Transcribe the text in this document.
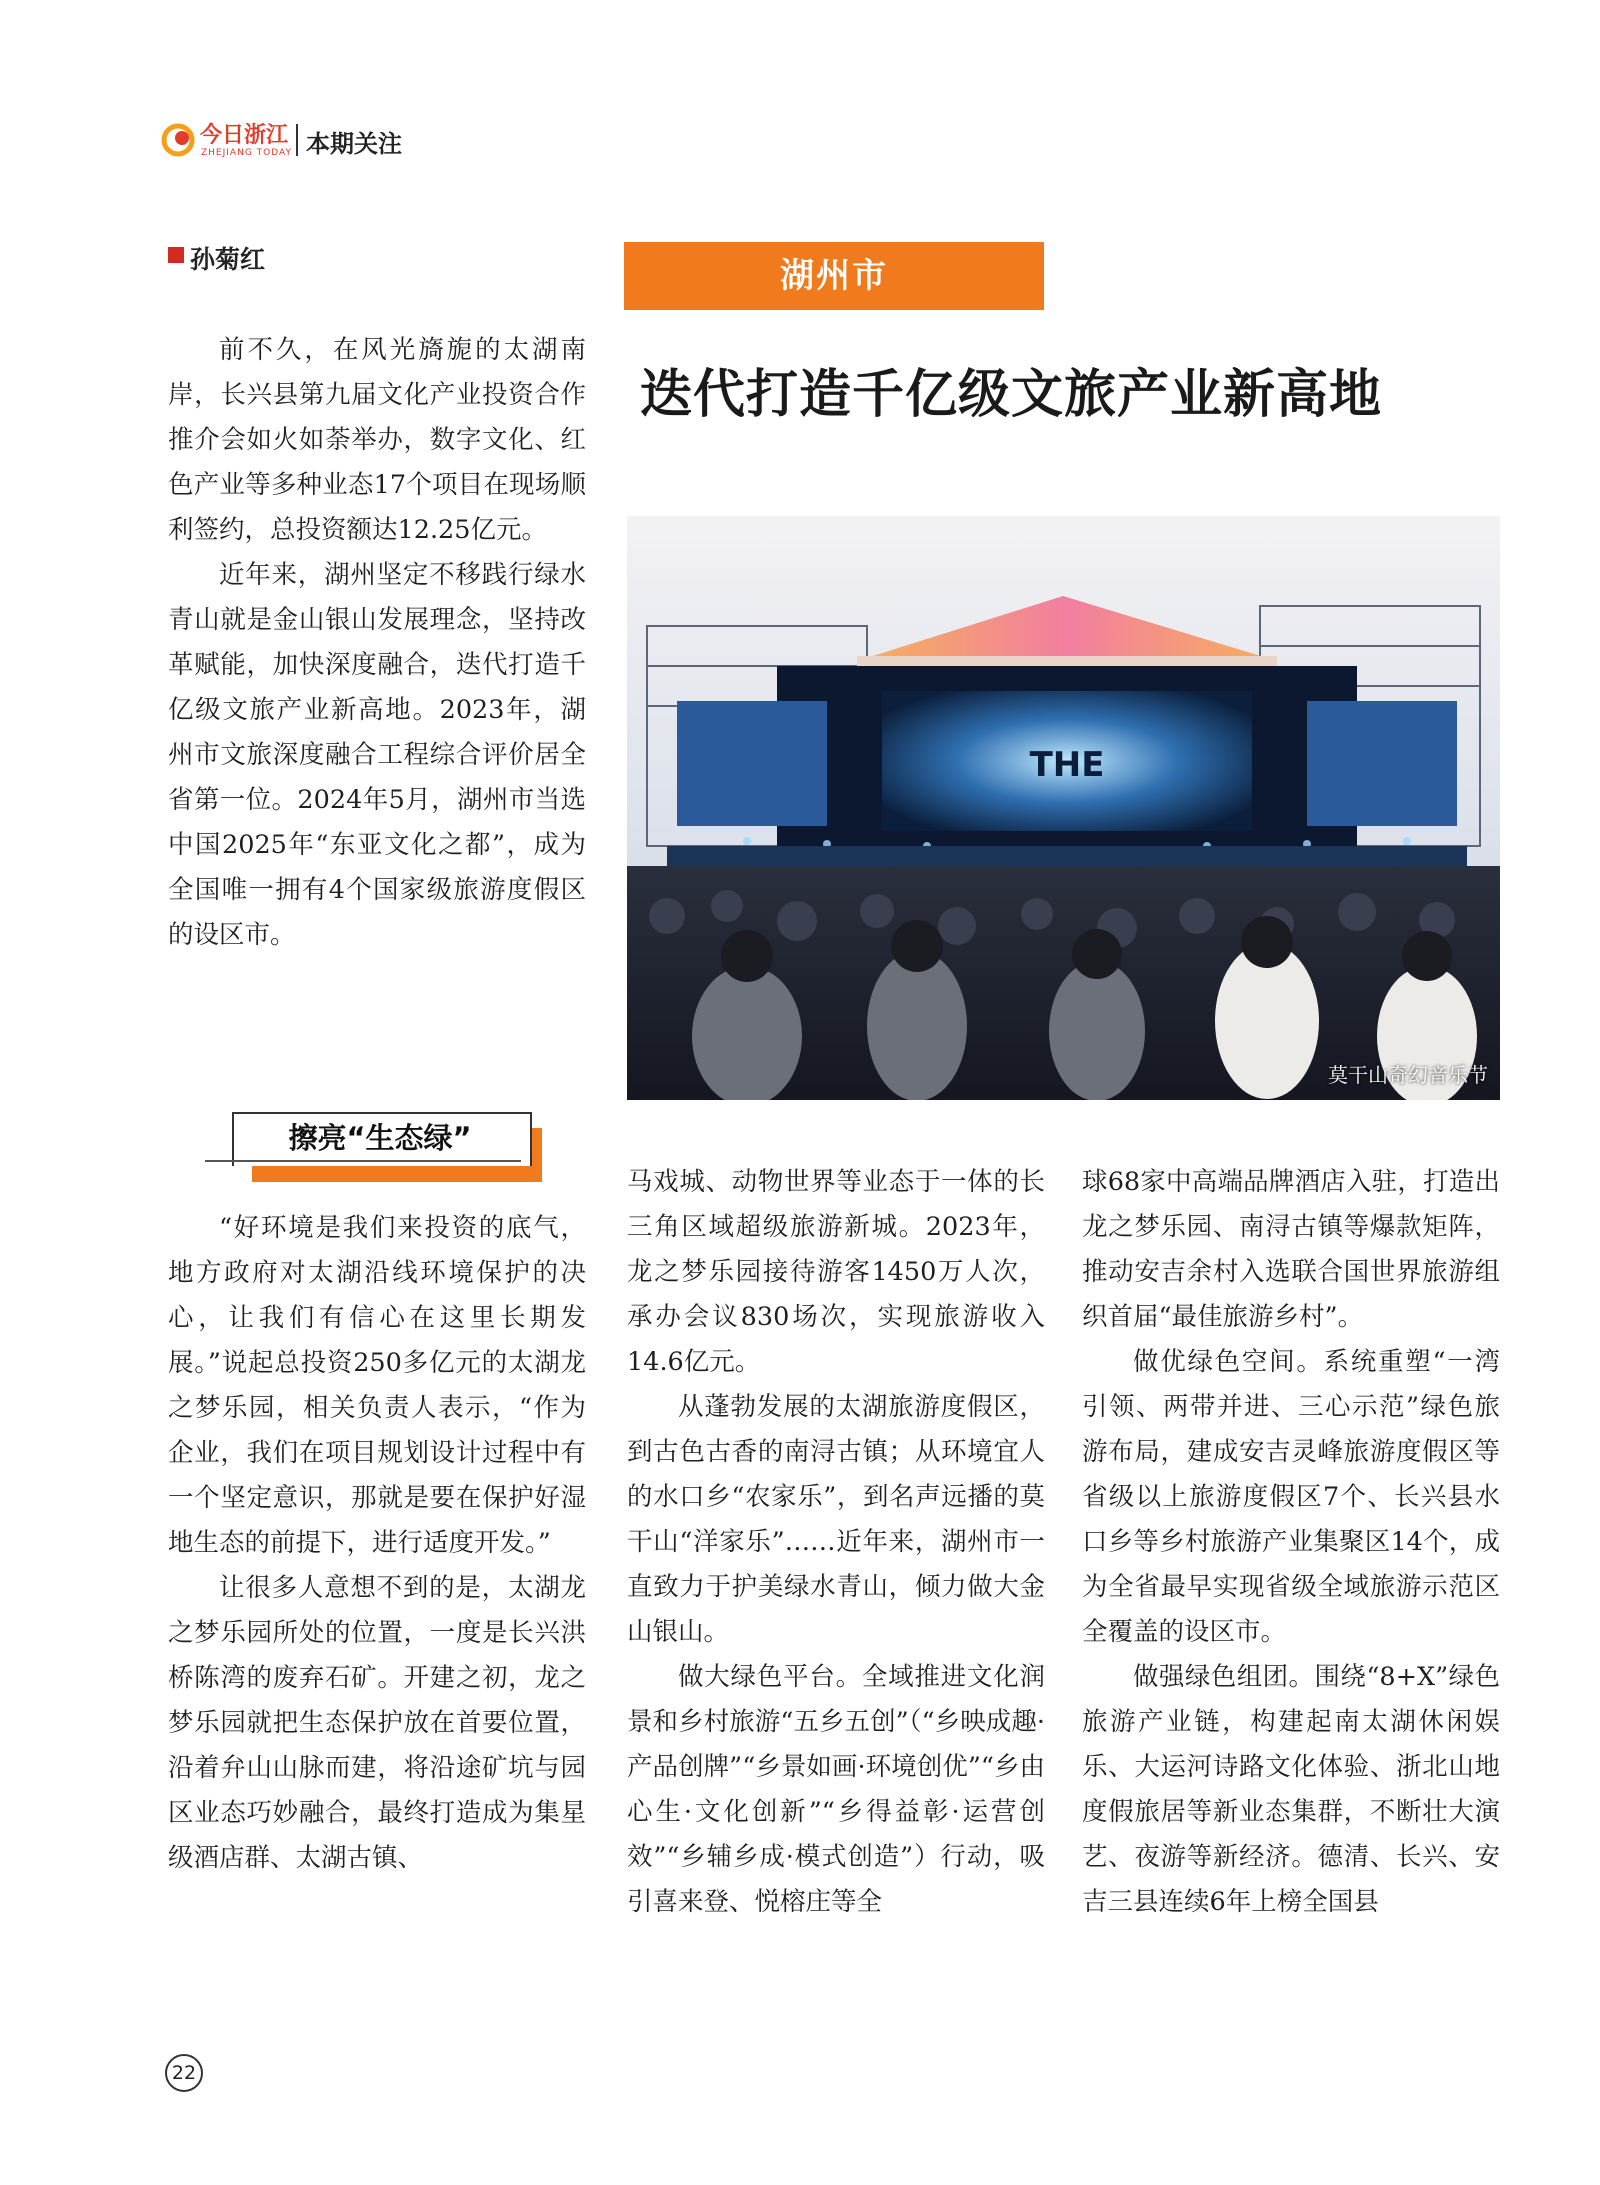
今日浙江
ZHEJIANG TODAY 本期关注
孙菊红	湖州市
迭代打造千亿级文旅产业新高地
THE
莫干山奇幻音乐节

前不久，在风光旖旎的太湖南岸，长兴县第九届文化产业投资合作推介会如火如荼举办，数字文化、红色产业等多种业态17个项目在现场顺利签约，总投资额达12.25亿元。

近年来，湖州坚定不移践行绿水青山就是金山银山发展理念，坚持改革赋能，加快深度融合，迭代打造千亿级文旅产业新高地。2023年，湖州市文旅深度融合工程综合评价居全省第一位。2024年5月，湖州市当选中国2025年“东亚文化之都”，成为全国唯一拥有4个国家级旅游度假区的设区市。

擦亮“生态绿”

“好环境是我们来投资的底气，地方政府对太湖沿线环境保护的决心，让我们有信心在这里长期发展。”说起总投资250多亿元的太湖龙之梦乐园，相关负责人表示，“作为企业，我们在项目规划设计过程中有一个坚定意识，那就是要在保护好湿地生态的前提下，进行适度开发。”

让很多人意想不到的是，太湖龙之梦乐园所处的位置，一度是长兴洪桥陈湾的废弃石矿。开建之初，龙之梦乐园就把生态保护放在首要位置，沿着弁山山脉而建，将沿途矿坑与园区业态巧妙融合，最终打造成为集星级酒店群、太湖古镇、

马戏城、动物世界等业态于一体的长三角区域超级旅游新城。2023年，龙之梦乐园接待游客1450万人次，承办会议830场次，实现旅游收入14.6亿元。

从蓬勃发展的太湖旅游度假区，到古色古香的南浔古镇；从环境宜人的水口乡“农家乐”，到名声远播的莫干山“洋家乐”……近年来，湖州市一直致力于护美绿水青山，倾力做大金山银山。

做大绿色平台。全域推进文化润景和乡村旅游“五乡五创”（“乡映成趣·产品创牌”“乡景如画·环境创优”“乡由心生·文化创新”“乡得益彰·运营创效”“乡辅乡成·模式创造”）行动，吸引喜来登、悦榕庄等全

球68家中高端品牌酒店入驻，打造出龙之梦乐园、南浔古镇等爆款矩阵，推动安吉余村入选联合国世界旅游组织首届“最佳旅游乡村”。

做优绿色空间。系统重塑“一湾引领、两带并进、三心示范”绿色旅游布局，建成安吉灵峰旅游度假区等省级以上旅游度假区7个、长兴县水口乡等乡村旅游产业集聚区14个，成为全省最早实现省级全域旅游示范区全覆盖的设区市。

做强绿色组团。围绕“8+X”绿色旅游产业链，构建起南太湖休闲娱乐、大运河诗路文化体验、浙北山地度假旅居等新业态集群，不断壮大演艺、夜游等新经济。德清、长兴、安吉三县连续6年上榜全国县

22
